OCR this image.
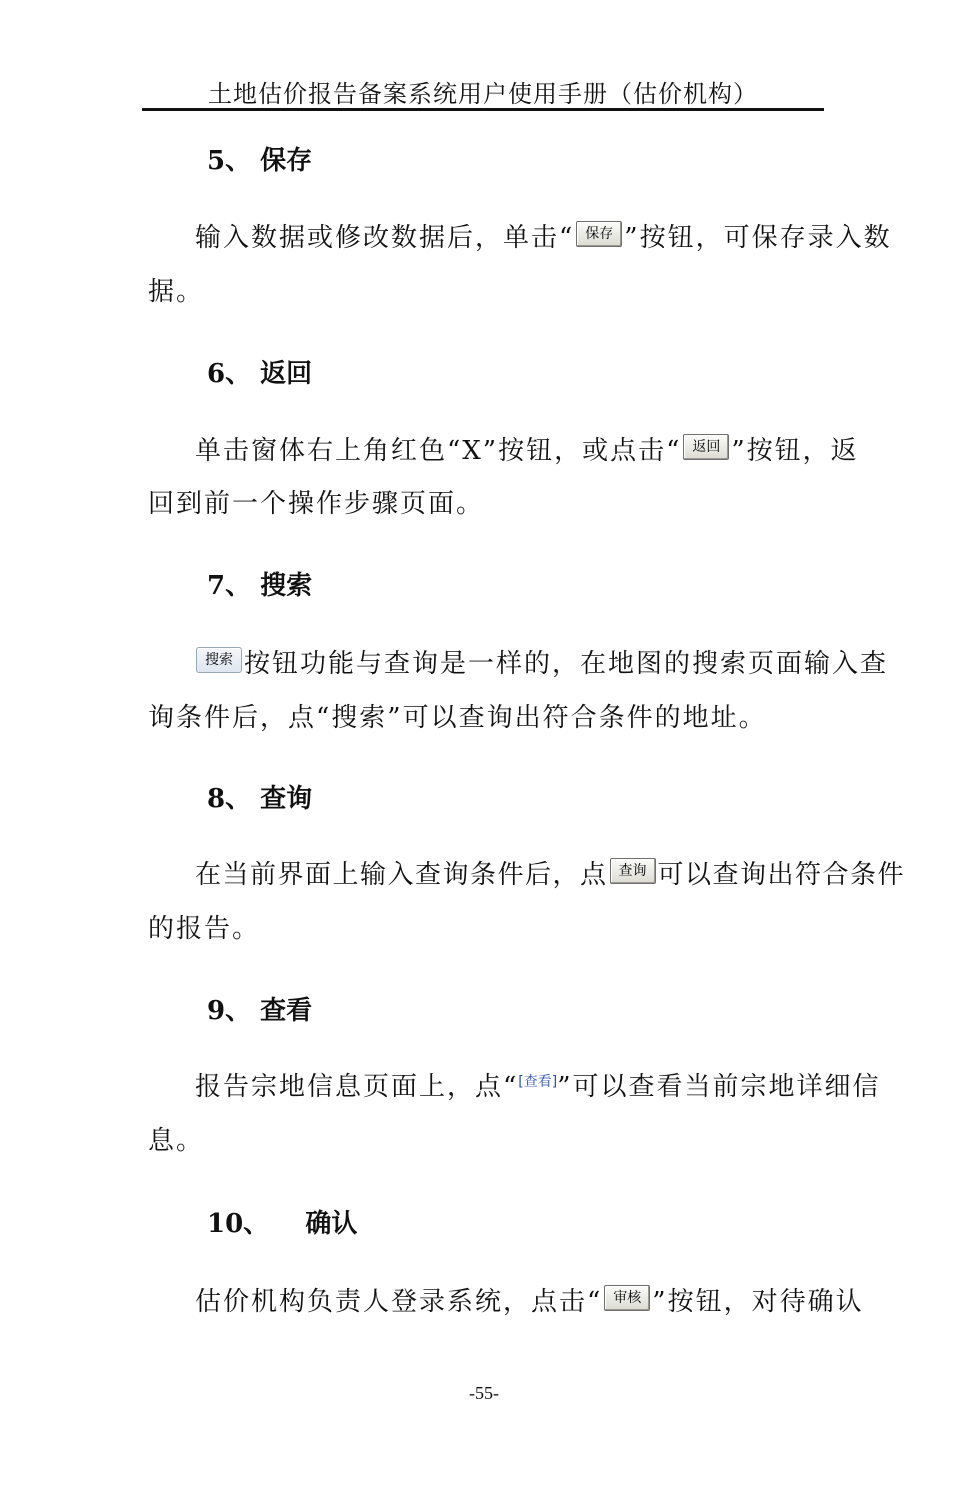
土地估价报告备案系统用户使用手册（估价机构）
5、 保存
输入数据或修改数据后，单击“ 保存 ”按钮，可保存录入数
据。
6、 返回
单击窗体右上角红色“X”按钮，或点击“ 返回 ”按钮，返
回到前一个操作步骤页面。
7、 搜索
搜索 按钮功能与查询是一样的，在地图的搜索页面输入查
询条件后，点“搜索”可以查询出符合条件的地址。
8、 查询
在当前界面上输入查询条件后，点 查询 可以查询出符合条件
的报告。
9、 查看
报告宗地信息页面上，点“[查看]”可以查看当前宗地详细信
息。
10、    确认
估价机构负责人登录系统，点击“ 审核 ”按钮，对待确认
-55-
